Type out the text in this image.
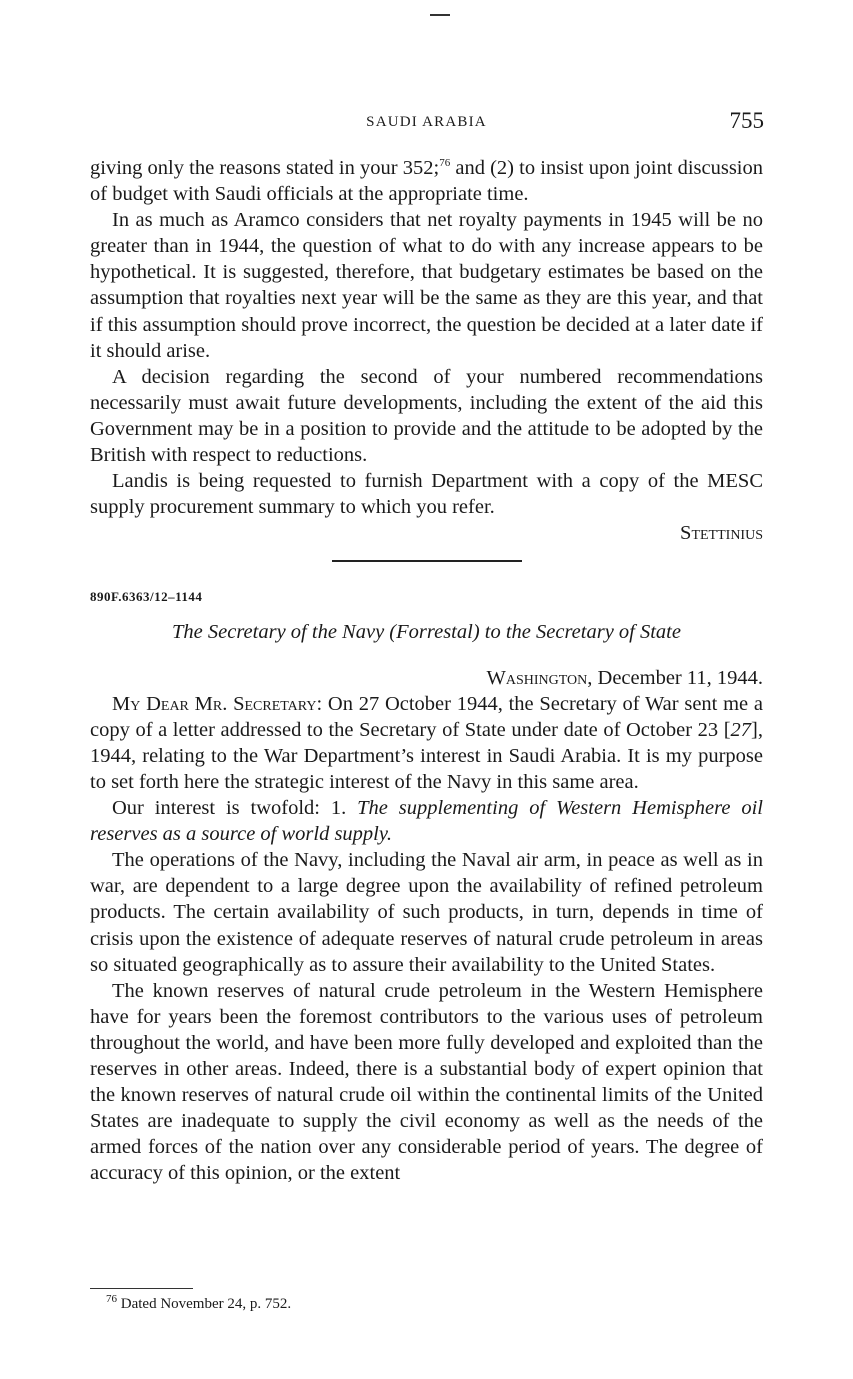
SAUDI ARABIA	755

giving only the reasons stated in your 352;$^{76}$ and (2) to insist upon joint discussion of budget with Saudi officials at the appropriate time.

In as much as Aramco considers that net royalty payments in 1945 will be no greater than in 1944, the question of what to do with any increase appears to be hypothetical. It is suggested, therefore, that budgetary estimates be based on the assumption that royalties next year will be the same as they are this year, and that if this assumption should prove incorrect, the question be decided at a later date if it should arise.

A decision regarding the second of your numbered recommendations necessarily must await future developments, including the extent of the aid this Government may be in a position to provide and the attitude to be adopted by the British with respect to reductions.

Landis is being requested to furnish Department with a copy of the MESC supply procurement summary to which you refer.

Stettinius

890F.6363/12–1144
The Secretary of the Navy (Forrestal) to the Secretary of State

Washington, December 11, 1944.

My Dear Mr. Secretary: On 27 October 1944, the Secretary of War sent me a copy of a letter addressed to the Secretary of State under date of October 23 [27], 1944, relating to the War Department’s interest in Saudi Arabia. It is my purpose to set forth here the strategic interest of the Navy in this same area.

Our interest is twofold: 1. The supplementing of Western Hemisphere oil reserves as a source of world supply.

The operations of the Navy, including the Naval air arm, in peace as well as in war, are dependent to a large degree upon the availability of refined petroleum products. The certain availability of such products, in turn, depends in time of crisis upon the existence of adequate reserves of natural crude petroleum in areas so situated geographically as to assure their availability to the United States.

The known reserves of natural crude petroleum in the Western Hemisphere have for years been the foremost contributors to the various uses of petroleum throughout the world, and have been more fully developed and exploited than the reserves in other areas. Indeed, there is a substantial body of expert opinion that the known reserves of natural crude oil within the continental limits of the United States are inadequate to supply the civil economy as well as the needs of the armed forces of the nation over any considerable period of years. The degree of accuracy of this opinion, or the extent

$^{76}$ Dated November 24, p. 752.
